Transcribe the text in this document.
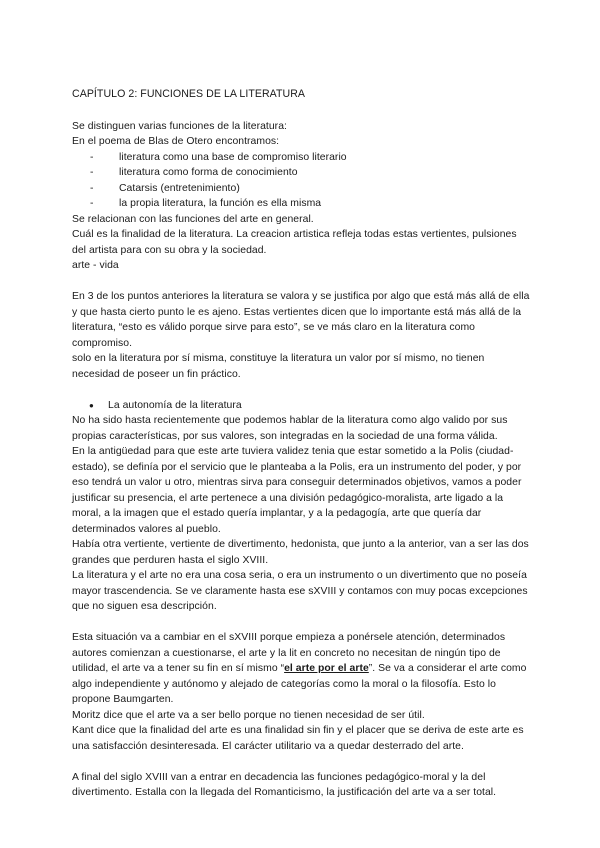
CAPÍTULO 2: FUNCIONES DE LA LITERATURA

Se distinguen varias funciones de la literatura:

En el poema de Blas de Otero encontramos:

- literatura como una base de compromiso literario
- literatura como forma de conocimiento
- Catarsis (entretenimiento)
- la propia literatura, la función es ella misma

Se relacionan con las funciones del arte en general.

Cuál es la finalidad de la literatura. La creacion artistica refleja todas estas vertientes, pulsiones del artista para con su obra y la sociedad.

arte - vida

En 3 de los puntos anteriores la literatura se valora y se justifica por algo que está más allá de ella y que hasta cierto punto le es ajeno. Estas vertientes dicen que lo importante está más allá de la literatura, “esto es válido porque sirve para esto”, se ve más claro en la literatura como compromiso.

solo en la literatura por sí misma, constituye la literatura un valor por sí mismo, no tienen necesidad de poseer un fin práctico.

● La autonomía de la literatura

No ha sido hasta recientemente que podemos hablar de la literatura como algo valido por sus propias características, por sus valores, son integradas en la sociedad de una forma válida.

En la antigüedad para que este arte tuviera validez tenia que estar sometido a la Polis (ciudad-estado), se definía por el servicio que le planteaba a la Polis, era un instrumento del poder, y por eso tendrá un valor u otro, mientras sirva para conseguir determinados objetivos, vamos a poder justificar su presencia, el arte pertenece a una división pedagógico-moralista, arte ligado a la moral, a la imagen que el estado quería implantar, y a la pedagogía, arte que quería dar determinados valores al pueblo.

Había otra vertiente, vertiente de divertimento, hedonista, que junto a la anterior, van a ser las dos grandes que perduren hasta el siglo XVIII.

La literatura y el arte no era una cosa seria, o era un instrumento o un divertimento que no poseía mayor trascendencia. Se ve claramente hasta ese sXVIII y contamos con muy pocas excepciones que no siguen esa descripción.

Esta situación va a cambiar en el sXVIII porque empieza a ponérsele atención, determinados autores comienzan a cuestionarse, el arte y la lit en concreto no necesitan de ningún tipo de utilidad, el arte va a tener su fin en sí mismo “el arte por el arte”. Se va a considerar el arte como algo independiente y autónomo y alejado de categorías como la moral o la filosofía. Esto lo propone Baumgarten.

Moritz dice que el arte va a ser bello porque no tienen necesidad de ser útil.

Kant dice que la finalidad del arte es una finalidad sin fin y el placer que se deriva de este arte es una satisfacción desinteresada. El carácter utilitario va a quedar desterrado del arte.

A final del siglo XVIII van a entrar en decadencia las funciones pedagógico-moral y la del divertimento. Estalla con la llegada del Romanticismo, la justificación del arte va a ser total.
